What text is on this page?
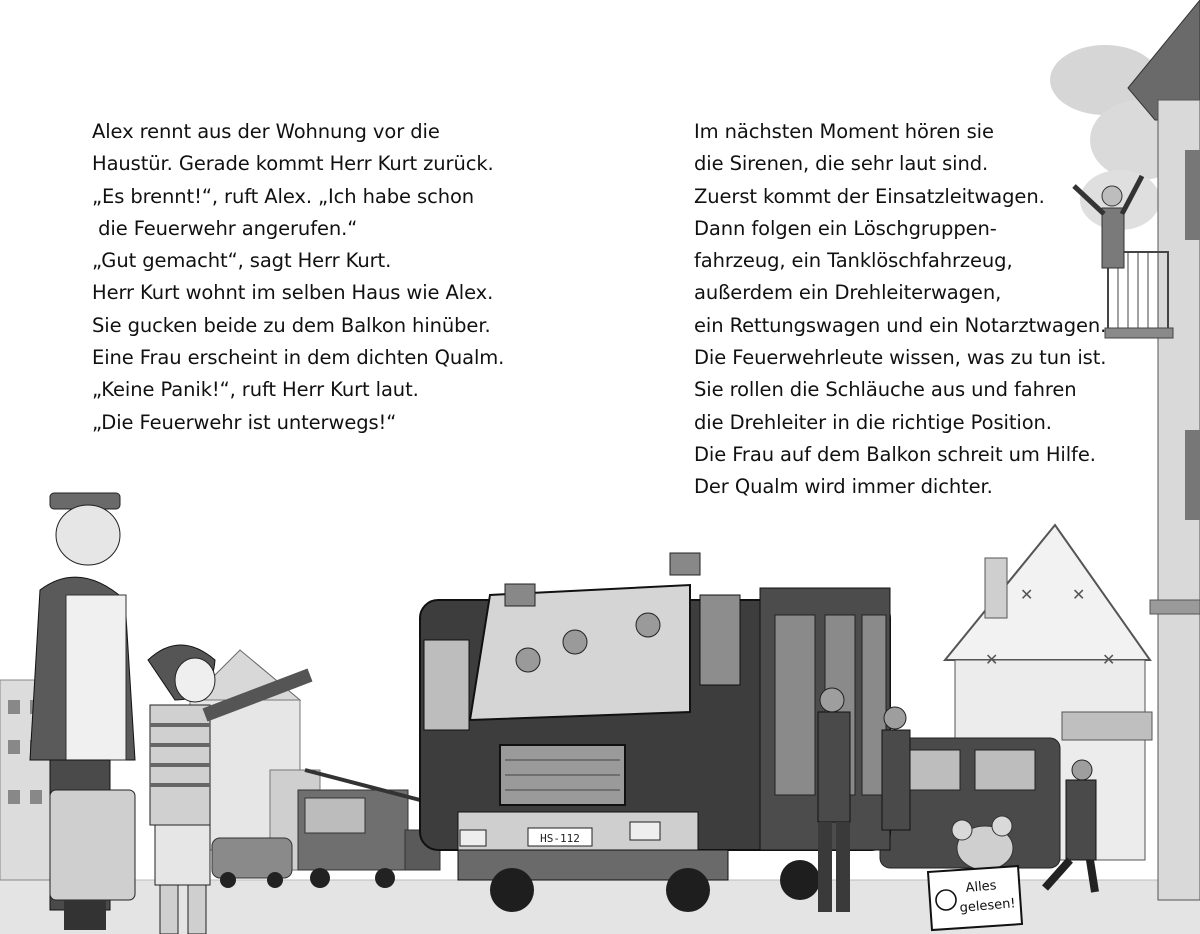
✕ ✕
✕	✕
HS-112
Alles
gelesen!
Alex rennt aus der Wohnung vor die
Haustür. Gerade kommt Herr Kurt zurück.
„Es brennt!“, ruft Alex. „Ich habe schon
die Feuerwehr angerufen.“
„Gut gemacht“, sagt Herr Kurt.
Herr Kurt wohnt im selben Haus wie Alex.
Sie gucken beide zu dem Balkon hinüber.
Eine Frau erscheint in dem dichten Qualm.
„Keine Panik!“, ruft Herr Kurt laut.
„Die Feuerwehr ist unterwegs!“
Im nächsten Moment hören sie
die Sirenen, die sehr laut sind.
Zuerst kommt der Einsatzleitwagen.
Dann folgen ein Löschgruppen-
fahrzeug, ein Tanklöschfahrzeug,
außerdem ein Drehleiterwagen,
ein Rettungswagen und ein Notarztwagen.
Die Feuerwehrleute wissen, was zu tun ist.
Sie rollen die Schläuche aus und fahren
die Drehleiter in die richtige Position.
Die Frau auf dem Balkon schreit um Hilfe.
Der Qualm wird immer dichter.
